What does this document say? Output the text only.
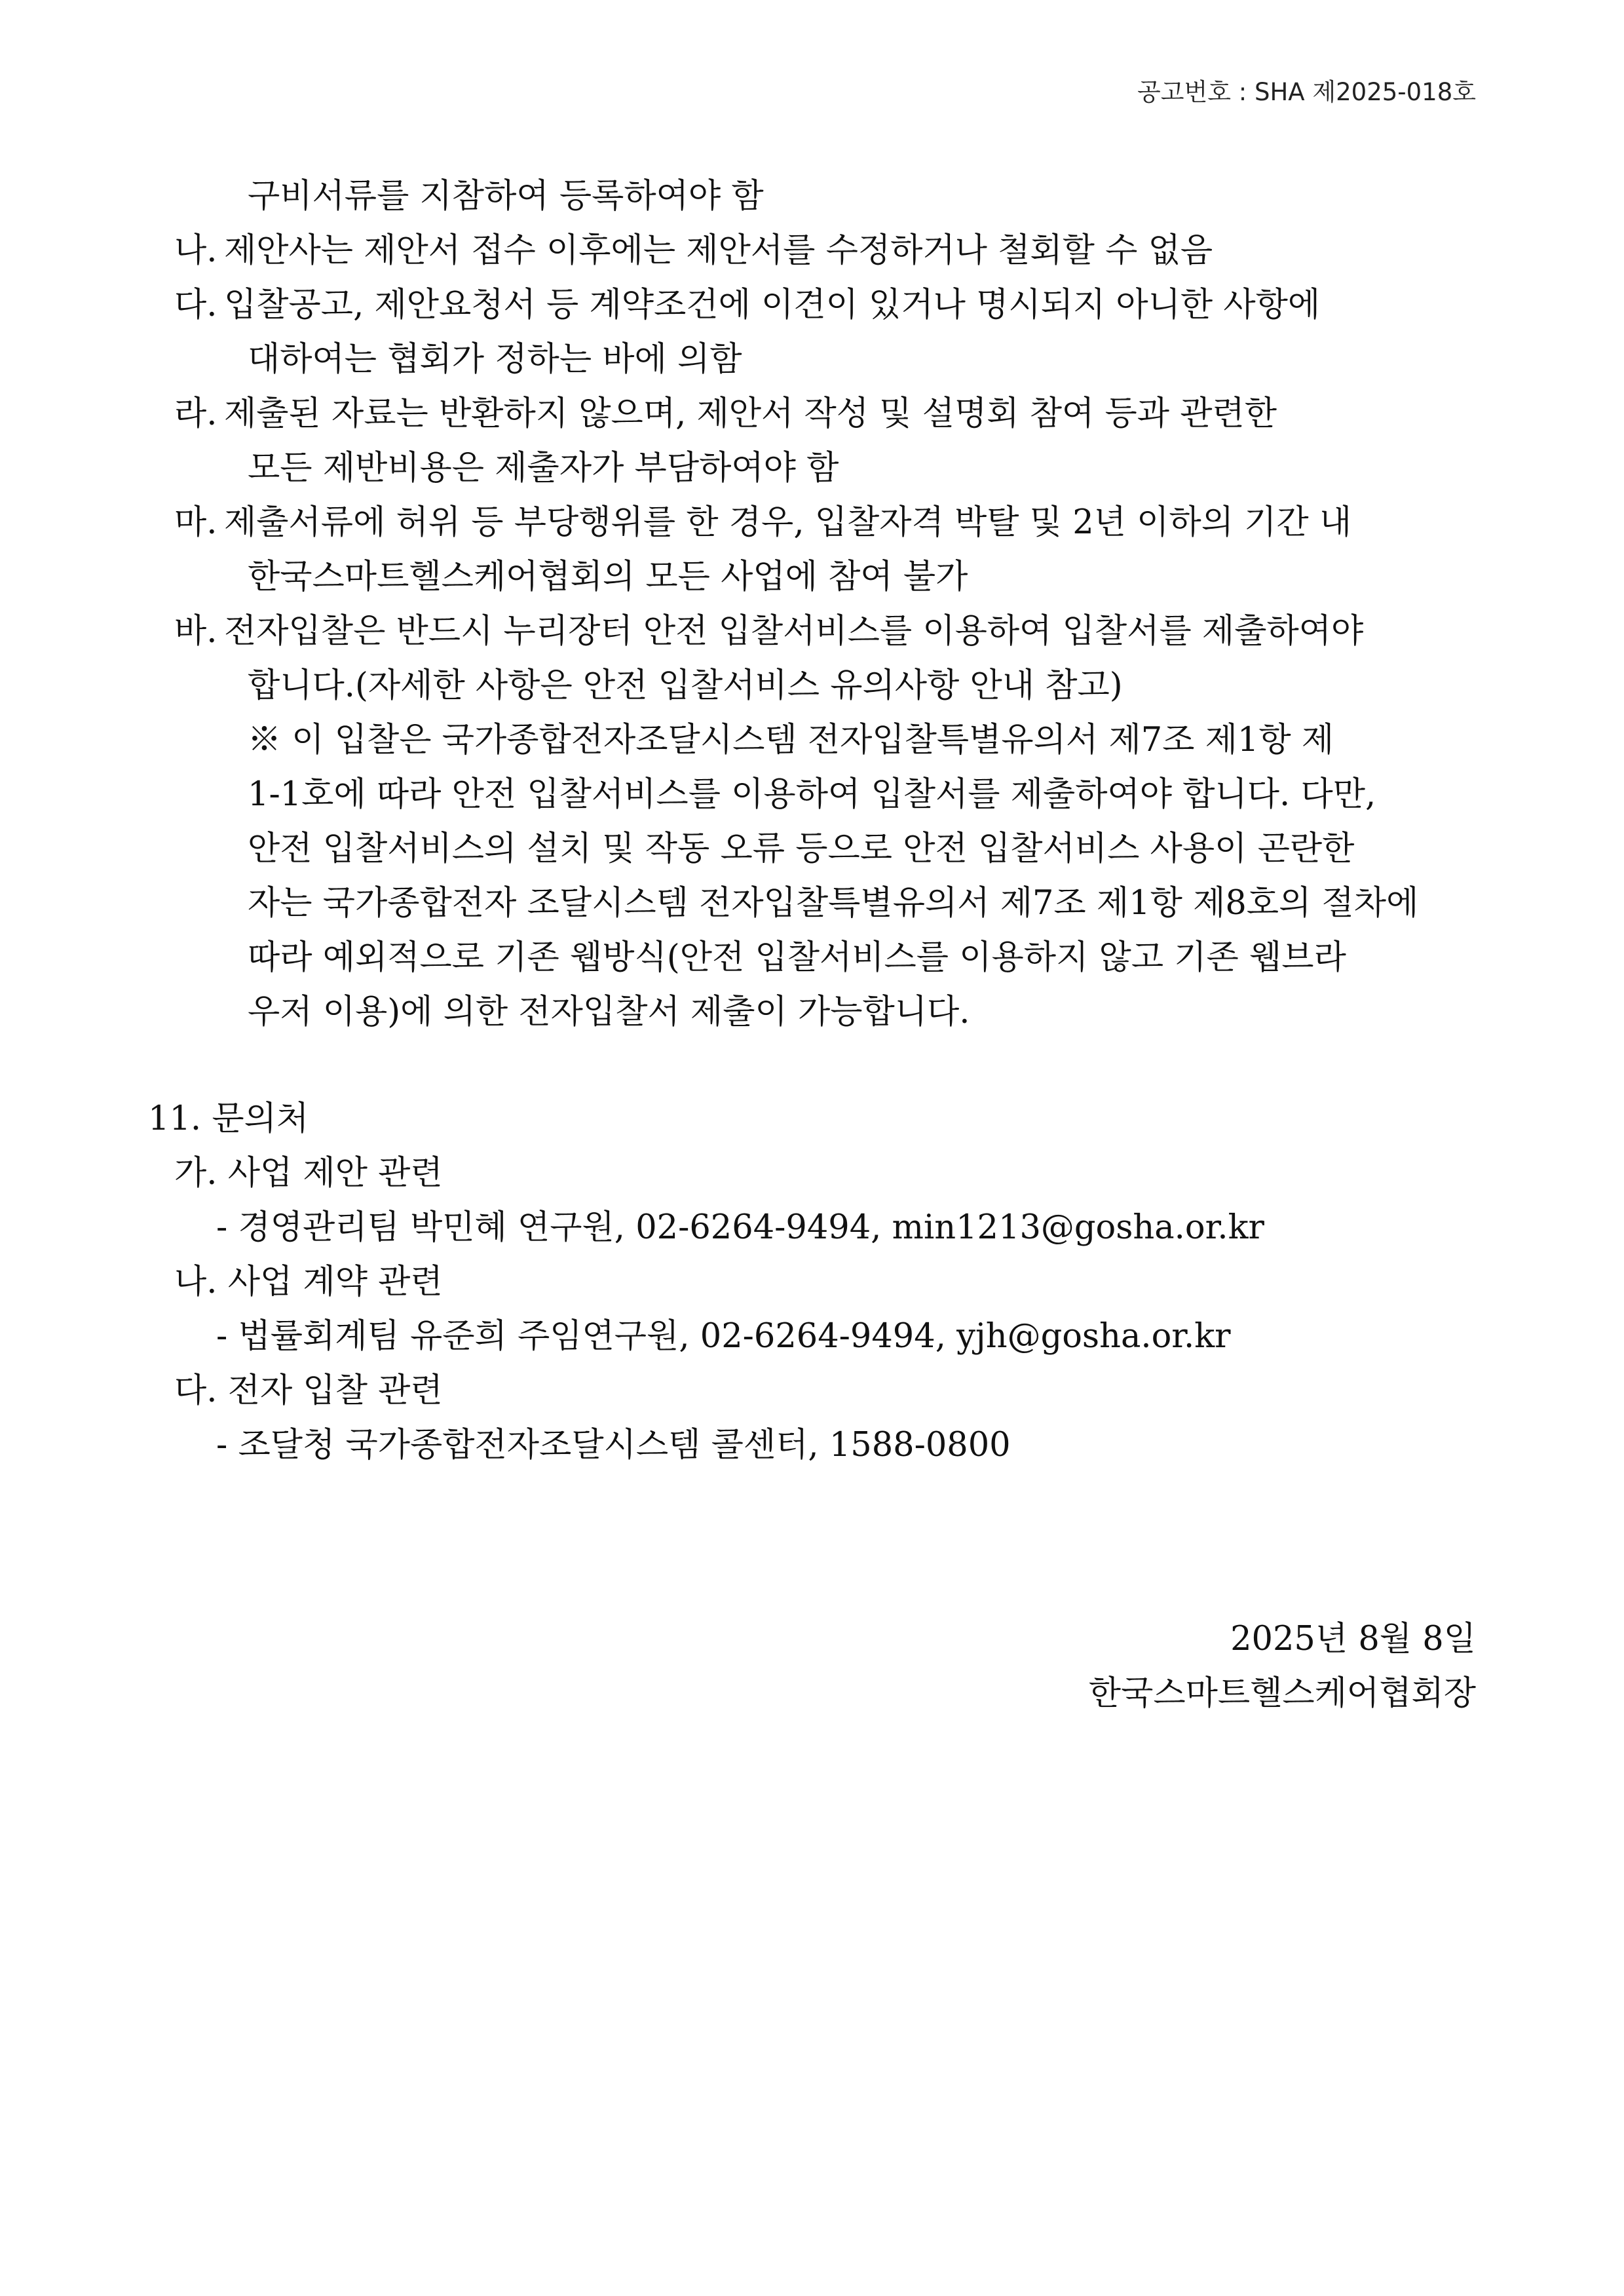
공고번호 : SHA 제2025-018호
구비서류를 지참하여 등록하여야 함
나. 제안사는 제안서 접수 이후에는 제안서를 수정하거나 철회할 수 없음
다. 입찰공고, 제안요청서 등 계약조건에 이견이 있거나 명시되지 아니한 사항에
대하여는 협회가 정하는 바에 의함
라. 제출된 자료는 반환하지 않으며, 제안서 작성 및 설명회 참여 등과 관련한
모든 제반비용은 제출자가 부담하여야 함
마. 제출서류에 허위 등 부당행위를 한 경우, 입찰자격 박탈 및 2년 이하의 기간 내
한국스마트헬스케어협회의 모든 사업에 참여 불가
바. 전자입찰은 반드시 누리장터 안전 입찰서비스를 이용하여 입찰서를 제출하여야
합니다.(자세한 사항은 안전 입찰서비스 유의사항 안내 참고)
※ 이 입찰은 국가종합전자조달시스템 전자입찰특별유의서 제7조 제1항 제
1-1호에 따라 안전 입찰서비스를 이용하여 입찰서를 제출하여야 합니다. 다만,
안전 입찰서비스의 설치 및 작동 오류 등으로 안전 입찰서비스 사용이 곤란한
자는 국가종합전자 조달시스템 전자입찰특별유의서 제7조 제1항 제8호의 절차에
따라 예외적으로 기존 웹방식(안전 입찰서비스를 이용하지 않고 기존 웹브라
우저 이용)에 의한 전자입찰서 제출이 가능합니다.
11. 문의처
가. 사업 제안 관련
- 경영관리팀 박민혜 연구원, 02-6264-9494, min1213@gosha.or.kr
나. 사업 계약 관련
- 법률회계팀 유준희 주임연구원, 02-6264-9494, yjh@gosha.or.kr
다. 전자 입찰 관련
- 조달청 국가종합전자조달시스템 콜센터, 1588-0800
2025년 8월 8일
한국스마트헬스케어협회장
